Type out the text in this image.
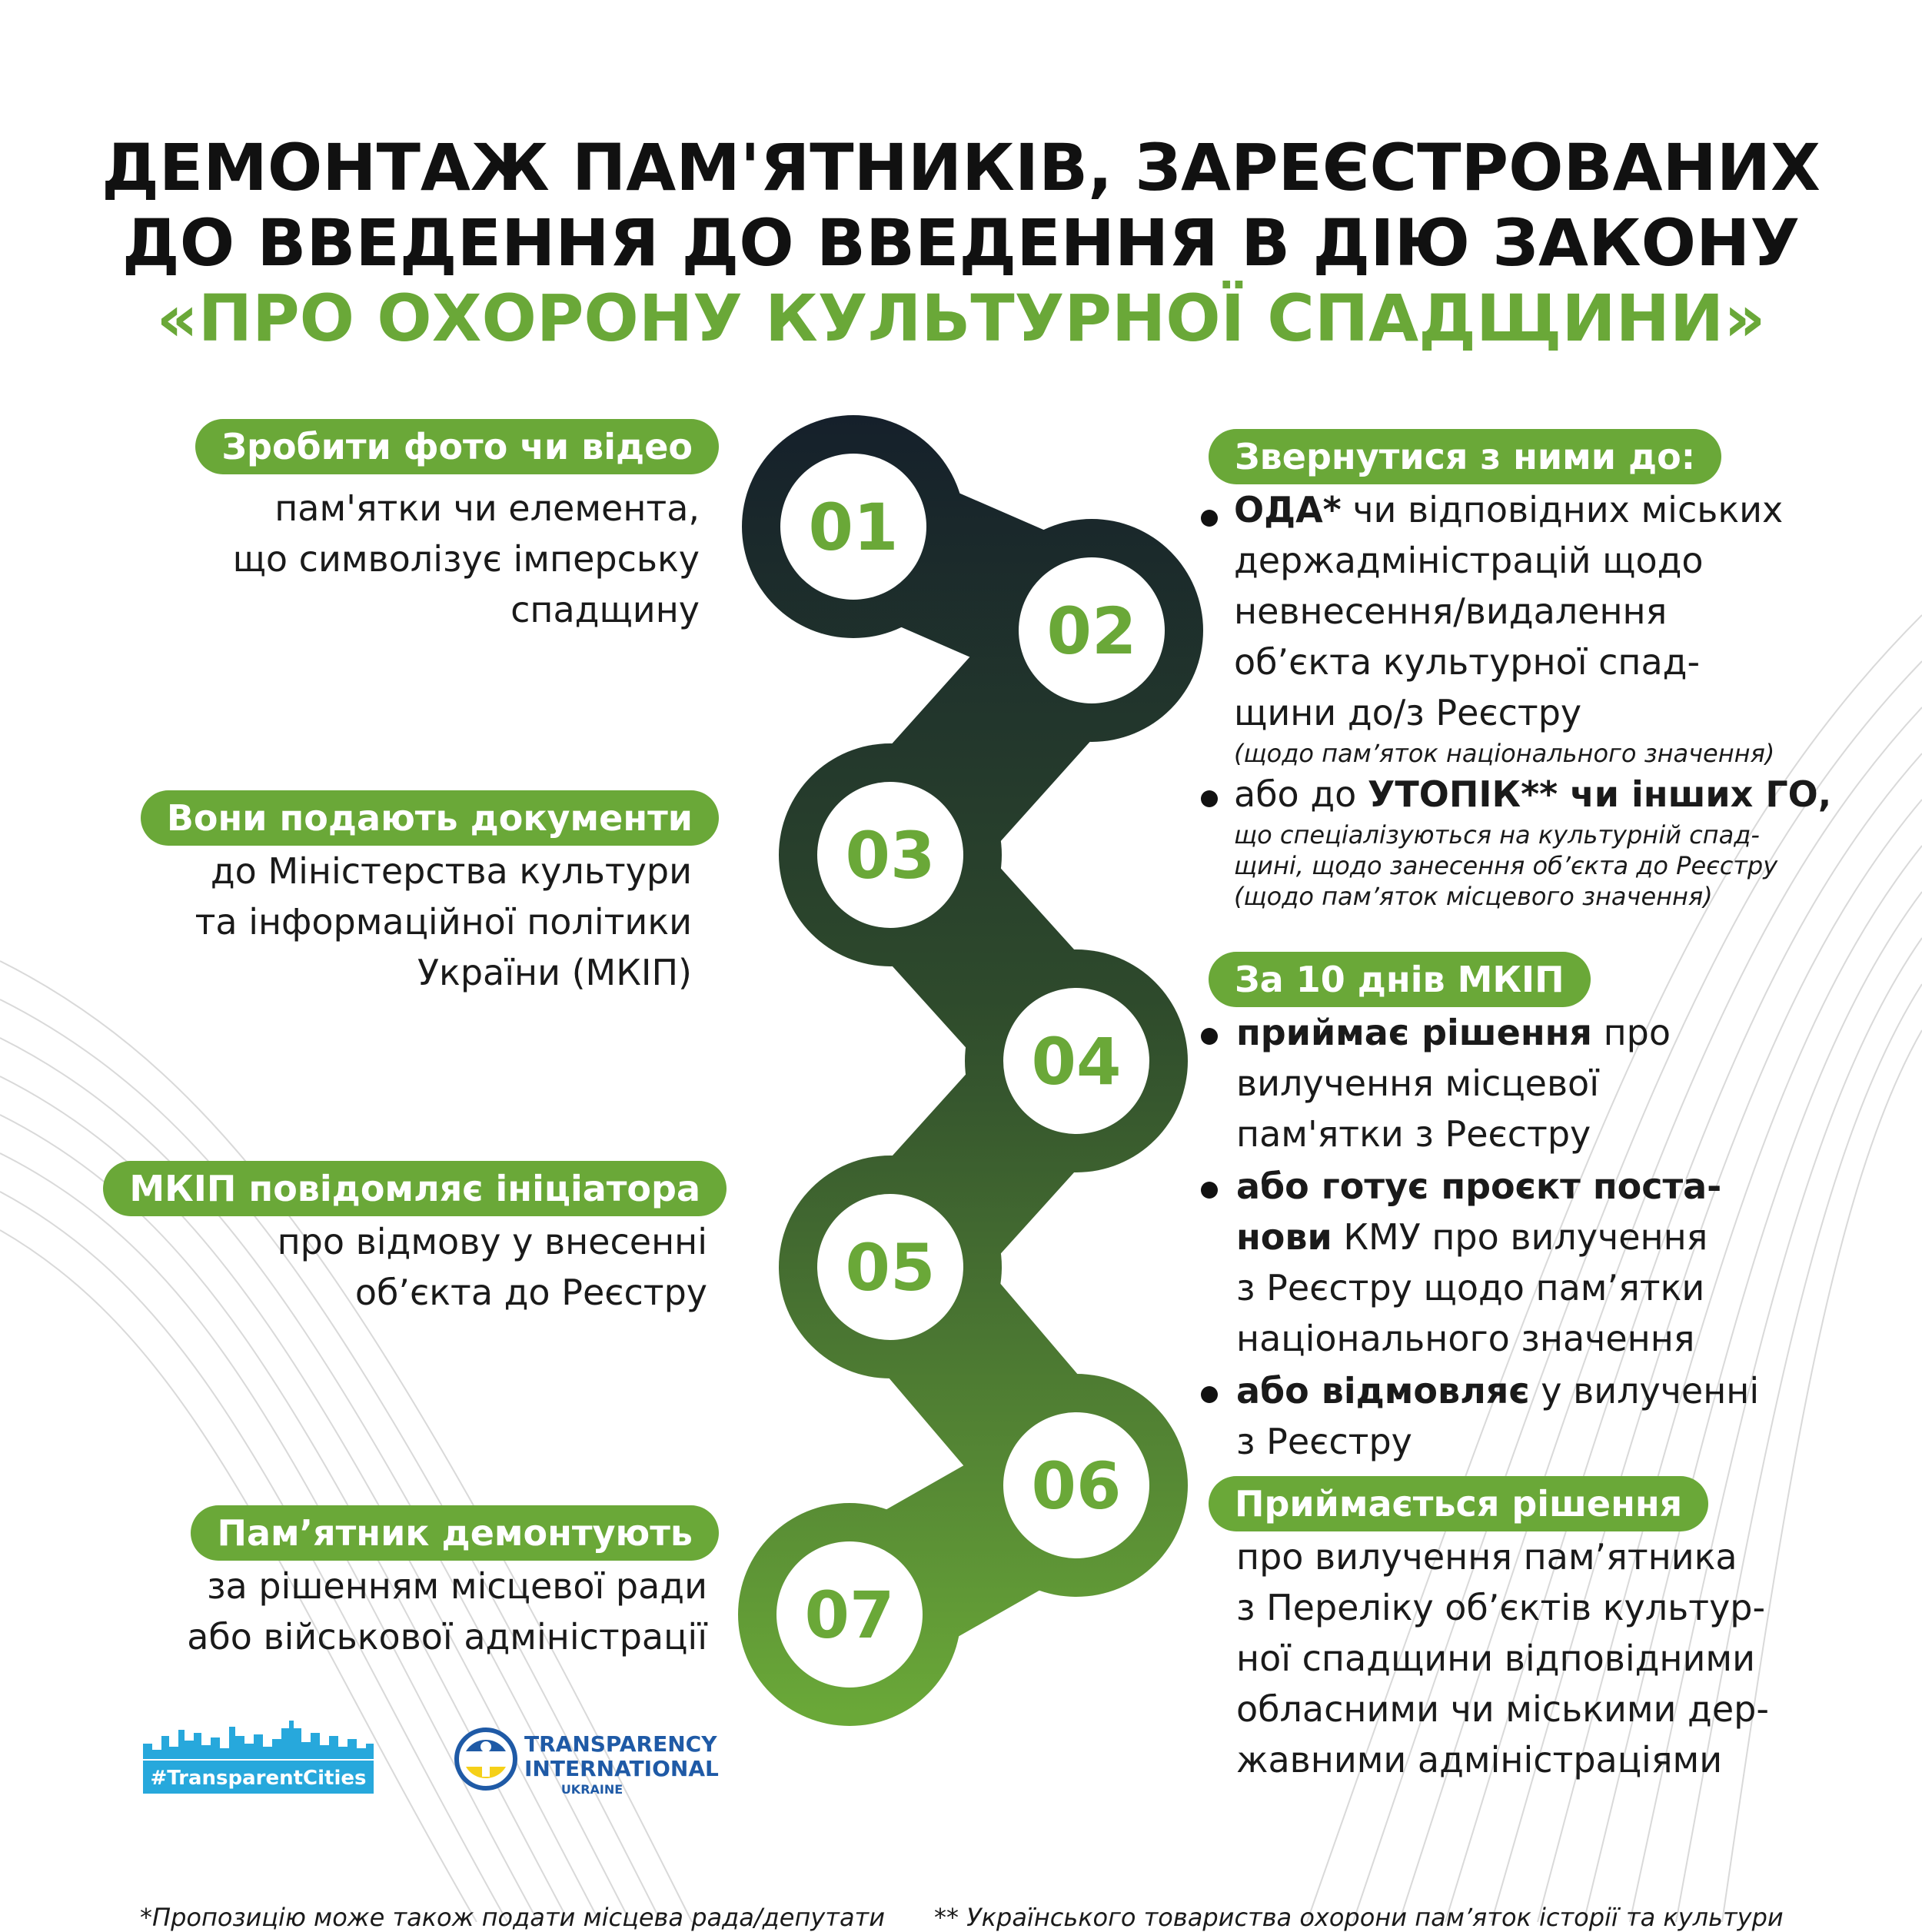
ДЕМОНТАЖ ПАМ'ЯТНИКІВ, ЗАРЕЄСТРОВАНИХ
ДО ВВЕДЕННЯ ДО ВВЕДЕННЯ В ДІЮ ЗАКОНУ
«ПРО ОХОРОНУ КУЛЬТУРНОЇ СПАДЩИНИ»
01
02
03
04
05
06
07
Зробити фото чи відео
пам'ятки чи елемента,
що символізує імперську
спадщину
Вони подають документи
до Міністерства культури
та інформаційної політики
України (МКІП)
МКІП повідомляє ініціатора
про відмову у внесенні
об’єкта до Реєстру
Пам’ятник демонтують
за рішенням місцевої ради
або військової адміністрації
Звернутися з ними до:
ОДА* чи відповідних міських
держадміністрацій щодо
невнесення/видалення
об’єкта культурної спад-
щини до/з Реєстру
(щодо пам’яток національного значення)
або до УТОПІК** чи інших ГО,
що спеціалізуються на культурній спад-
щині, щодо занесення об’єкта до Реєстру
(щодо пам’яток місцевого значення)
За 10 днів МКІП
приймає рішення про
вилучення місцевої
пам'ятки з Реєстру
або готує проєкт поста-
нови КМУ про вилучення
з Реєстру щодо пам’ятки
національного значення
або відмовляє у вилученні
з Реєстру
Приймається рішення
про вилучення пам’ятника
з Переліку об’єктів культур-
ної спадщини відповідними
обласними чи міськими дер-
жавними адміністраціями
#TransparentCities
TRANSPARENCY
INTERNATIONAL
UKRAINE
*Пропозицію може також подати місцева рада/депутати ** Українського товариства охорони пам’яток історії та культури
